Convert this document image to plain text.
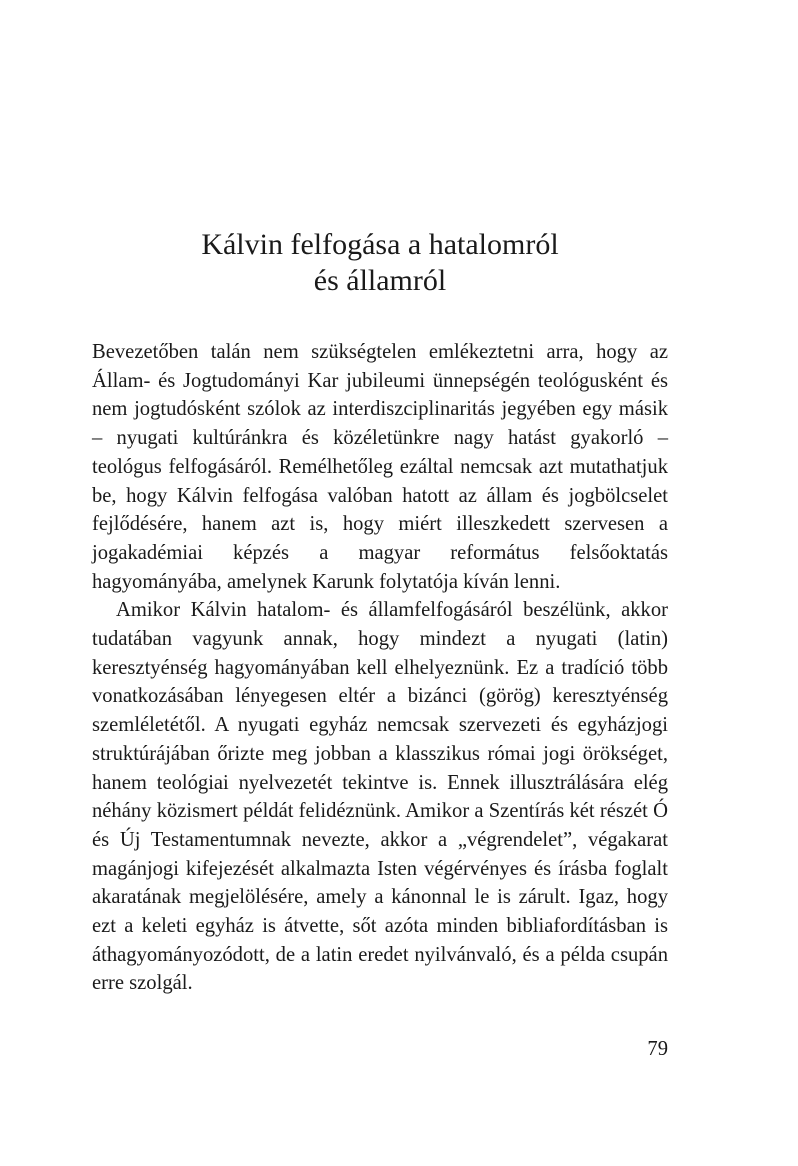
Kálvin felfogása a hatalomról
és államról

Bevezetőben talán nem szükségtelen emlékeztetni arra, hogy az Állam- és Jogtudományi Kar jubileumi ünnepségén teológusként és nem jogtudósként szólok az interdiszciplinaritás jegyében egy másik – nyugati kultúránkra és közéletünkre nagy hatást gyakorló – teológus felfogásáról. Remélhetőleg ezáltal nemcsak azt mutathatjuk be, hogy Kálvin felfogása valóban hatott az állam és jogbölcselet fejlődésére, hanem azt is, hogy miért illeszkedett szervesen a jogakadémiai képzés a magyar református felsőoktatás hagyományába, amelynek Karunk folytatója kíván lenni.

Amikor Kálvin hatalom- és államfelfogásáról beszélünk, akkor tudatában vagyunk annak, hogy mindezt a nyugati (latin) keresztyénség hagyományában kell elhelyeznünk. Ez a tradíció több vonatkozásában lényegesen eltér a bizánci (görög) keresztyénség szemléletétől. A nyugati egyház nemcsak szervezeti és egyházjogi struktúrájában őrizte meg jobban a klasszikus római jogi örökséget, hanem teológiai nyelvezetét tekintve is. Ennek illusztrálására elég néhány közismert példát felidéznünk. Amikor a Szentírás két részét Ó és Új Testamentumnak nevezte, akkor a „végrendelet”, végakarat magánjogi kifejezését alkalmazta Isten végérvényes és írásba foglalt akaratának megjelölésére, amely a kánonnal le is zárult. Igaz, hogy ezt a keleti egyház is átvette, sőt azóta minden bibliafordításban is áthagyományozódott, de a latin eredet nyilvánvaló, és a példa csupán erre szolgál.

79
